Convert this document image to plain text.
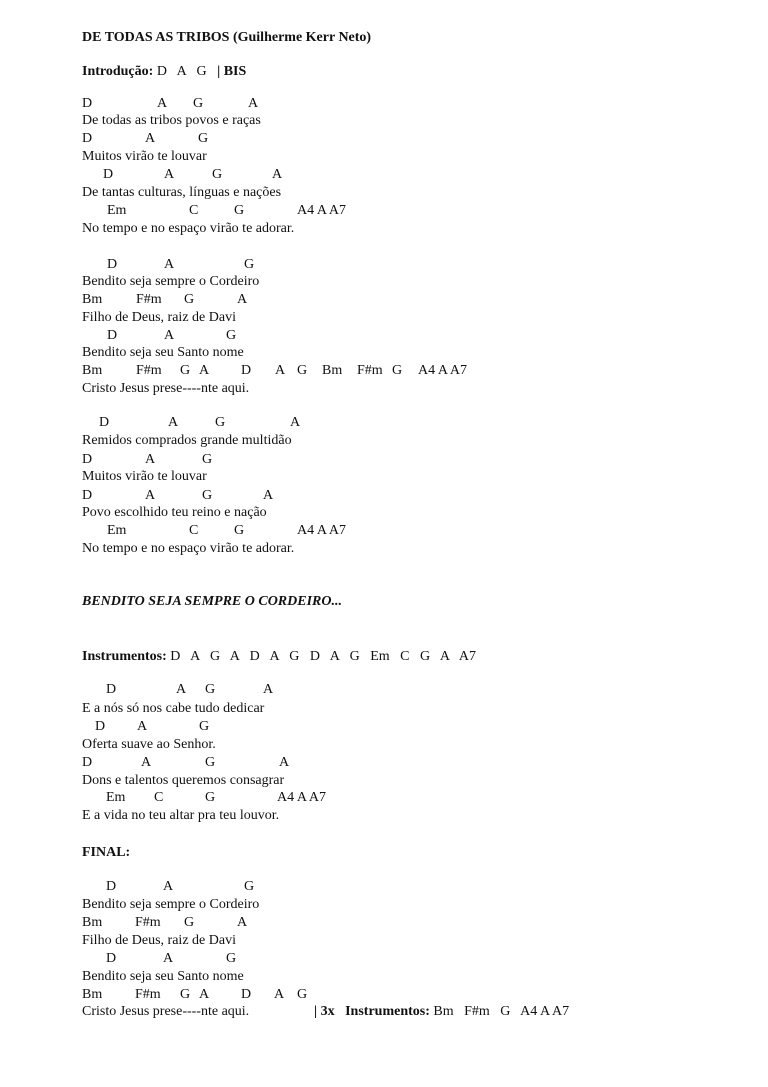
DE TODAS AS TRIBOS (Guilherme Kerr Neto)
Introdução: D   A   G | BIS
D	A G	A
De todas as tribos povos e raças
D	A	G
Muitos virão te louvar
D	A	G	A
De tantas culturas, línguas e nações
Em	C	G	A4 A A7
No tempo e no espaço virão te adorar.
D	A	G
Bendito seja sempre o Cordeiro
Bm F#m G	A
Filho de Deus, raiz de Davi
D	A	G
Bendito seja seu Santo nome
Bm F#m G A D A G Bm F#m G A4 A A7
Cristo Jesus prese----nte aqui.
D	A	G	A
Remidos comprados grande multidão
D	A	G
Muitos virão te louvar
D	A	G	A
Povo escolhido teu reino e nação
Em	C	G	A4 A A7
No tempo e no espaço virão te adorar.
D	A G	A
E a nós só nos cabe tudo dedicar
D A	G
Oferta suave ao Senhor.
D	A	G	A
Dons e talentos queremos consagrar
Em C	G	A4 A A7
E a vida no teu altar pra teu louvor.
D	A	G
Bendito seja sempre o Cordeiro
Bm F#m G	A
Filho de Deus, raiz de Davi
D	A	G
Bendito seja seu Santo nome
Bm F#m G A D A G
Cristo Jesus prese----nte aqui.
BENDITO SEJA SEMPRE O CORDEIRO...
Instrumentos: D   A   G   A   D   A   G   D   A   G   Em   C   G   A   A7
FINAL:
| 3x Instrumentos: Bm   F#m   G   A4 A A7
